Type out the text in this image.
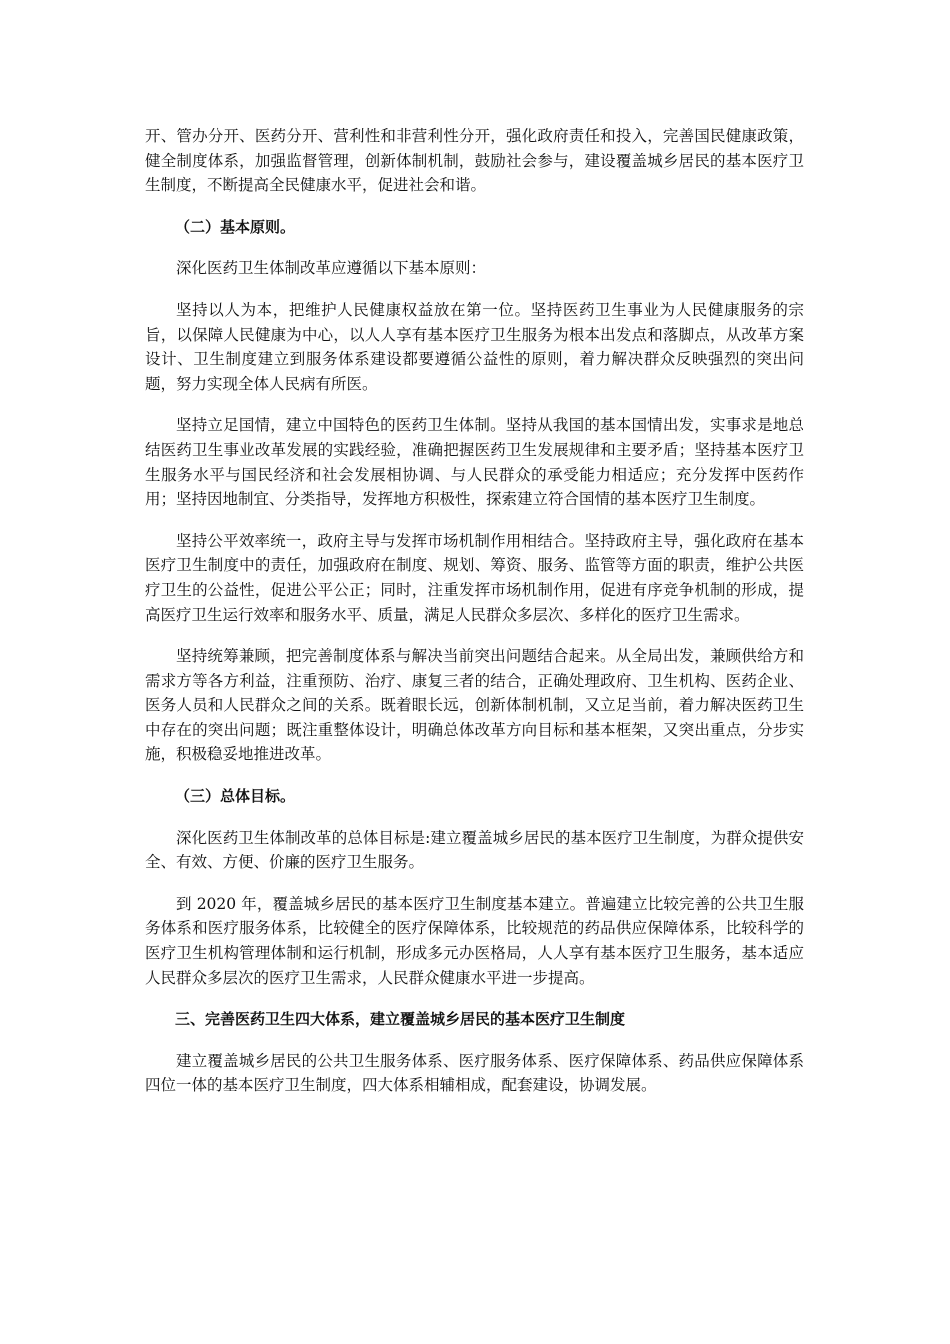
开、管办分开、医药分开、营利性和非营利性分开，强化政府责任和投入，完善国民健康政策，健全制度体系，加强监督管理，创新体制机制，鼓励社会参与，建设覆盖城乡居民的基本医疗卫生制度，不断提高全民健康水平，促进社会和谐。

（二）基本原则。

深化医药卫生体制改革应遵循以下基本原则：

坚持以人为本，把维护人民健康权益放在第一位。坚持医药卫生事业为人民健康服务的宗旨，以保障人民健康为中心，以人人享有基本医疗卫生服务为根本出发点和落脚点，从改革方案设计、卫生制度建立到服务体系建设都要遵循公益性的原则，着力解决群众反映强烈的突出问题，努力实现全体人民病有所医。

坚持立足国情，建立中国特色的医药卫生体制。坚持从我国的基本国情出发，实事求是地总结医药卫生事业改革发展的实践经验，准确把握医药卫生发展规律和主要矛盾；坚持基本医疗卫生服务水平与国民经济和社会发展相协调、与人民群众的承受能力相适应；充分发挥中医药作用；坚持因地制宜、分类指导，发挥地方积极性，探索建立符合国情的基本医疗卫生制度。

坚持公平效率统一，政府主导与发挥市场机制作用相结合。坚持政府主导，强化政府在基本医疗卫生制度中的责任，加强政府在制度、规划、筹资、服务、监管等方面的职责，维护公共医疗卫生的公益性，促进公平公正；同时，注重发挥市场机制作用，促进有序竞争机制的形成，提高医疗卫生运行效率和服务水平、质量，满足人民群众多层次、多样化的医疗卫生需求。

坚持统筹兼顾，把完善制度体系与解决当前突出问题结合起来。从全局出发，兼顾供给方和需求方等各方利益，注重预防、治疗、康复三者的结合，正确处理政府、卫生机构、医药企业、医务人员和人民群众之间的关系。既着眼长远，创新体制机制，又立足当前，着力解决医药卫生中存在的突出问题；既注重整体设计，明确总体改革方向目标和基本框架，又突出重点，分步实施，积极稳妥地推进改革。

（三）总体目标。

深化医药卫生体制改革的总体目标是:建立覆盖城乡居民的基本医疗卫生制度，为群众提供安全、有效、方便、价廉的医疗卫生服务。

到 2020 年，覆盖城乡居民的基本医疗卫生制度基本建立。普遍建立比较完善的公共卫生服务体系和医疗服务体系，比较健全的医疗保障体系，比较规范的药品供应保障体系，比较科学的医疗卫生机构管理体制和运行机制，形成多元办医格局，人人享有基本医疗卫生服务，基本适应人民群众多层次的医疗卫生需求，人民群众健康水平进一步提高。

三、完善医药卫生四大体系，建立覆盖城乡居民的基本医疗卫生制度

建立覆盖城乡居民的公共卫生服务体系、医疗服务体系、医疗保障体系、药品供应保障体系四位一体的基本医疗卫生制度，四大体系相辅相成，配套建设，协调发展。
